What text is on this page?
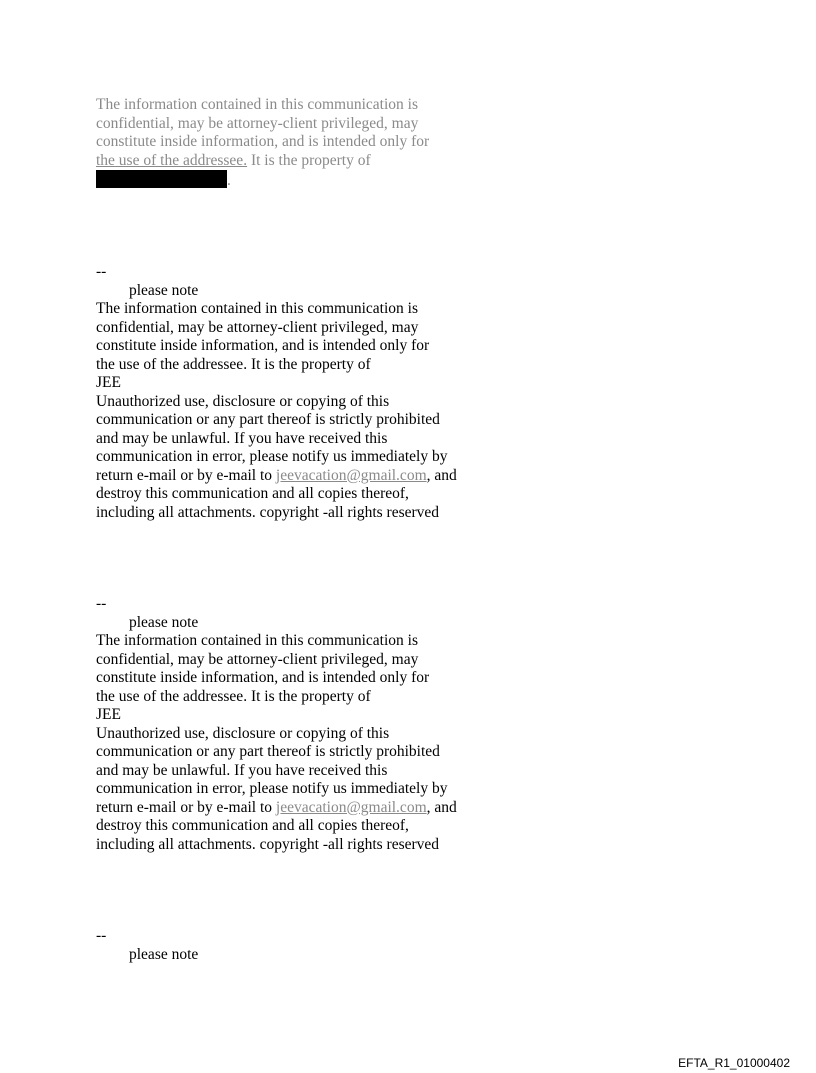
The information contained in this communication is
confidential, may be attorney-client privileged, may
constitute inside information, and is intended only for
the use of the addressee. It is the property of
.
--
please note
The information contained in this communication is
confidential, may be attorney-client privileged, may
constitute inside information, and is intended only for
the use of the addressee. It is the property of
JEE
Unauthorized use, disclosure or copying of this
communication or any part thereof is strictly prohibited
and may be unlawful. If you have received this
communication in error, please notify us immediately by
return e-mail or by e-mail to jeevacation@gmail.com, and
destroy this communication and all copies thereof,
including all attachments. copyright -all rights reserved
--
please note
The information contained in this communication is
confidential, may be attorney-client privileged, may
constitute inside information, and is intended only for
the use of the addressee. It is the property of
JEE
Unauthorized use, disclosure or copying of this
communication or any part thereof is strictly prohibited
and may be unlawful. If you have received this
communication in error, please notify us immediately by
return e-mail or by e-mail to jeevacation@gmail.com, and
destroy this communication and all copies thereof,
including all attachments. copyright -all rights reserved
--
please note
EFTA_R1_01000402
